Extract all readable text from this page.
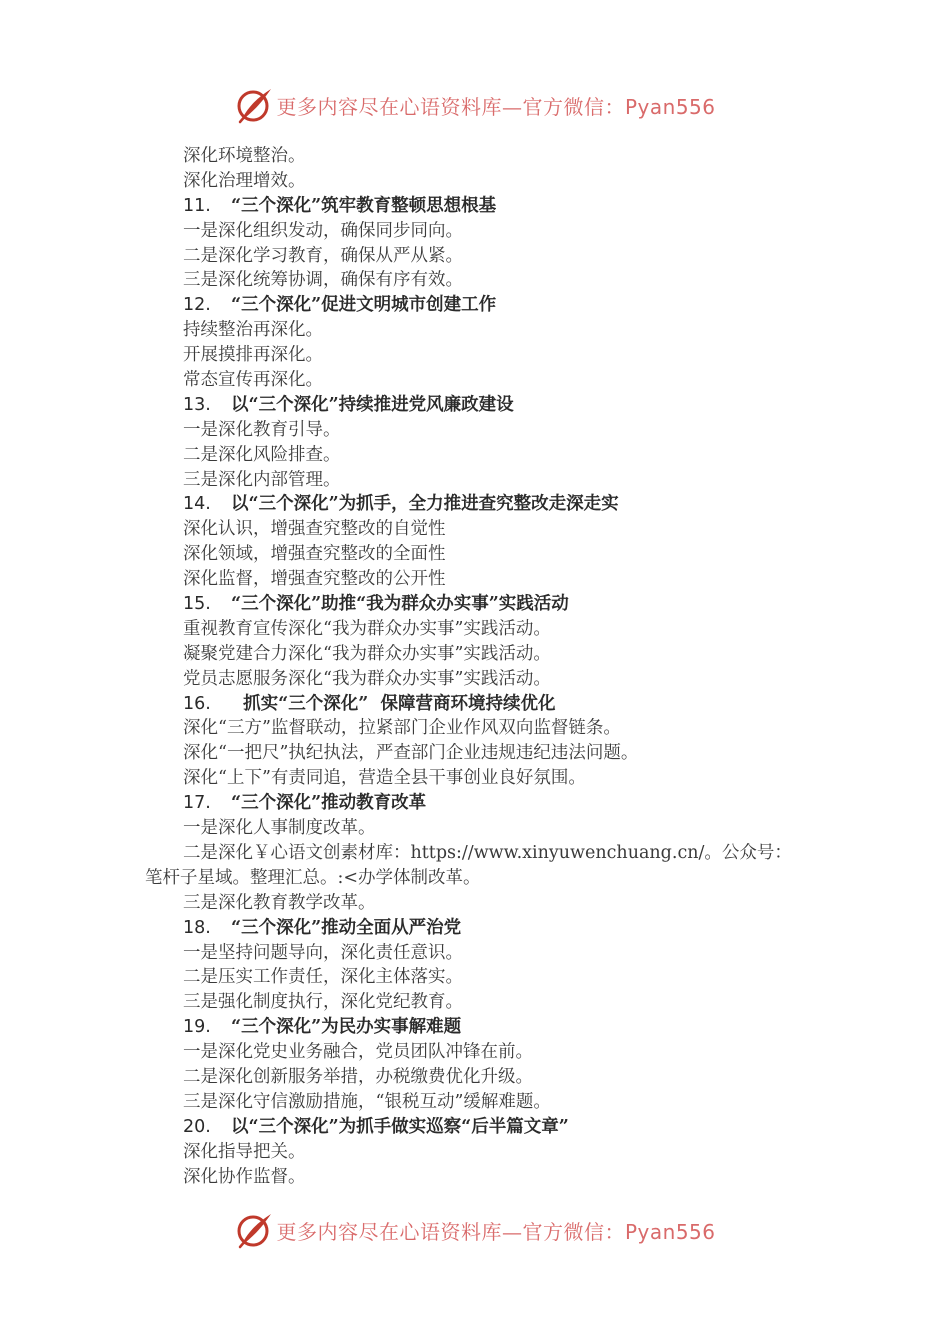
更多内容尽在心语资料库—官方微信：Pyan556
深化环境整治。
深化治理增效。
11. “三个深化”筑牢教育整顿思想根基
一是深化组织发动，确保同步同向。
二是深化学习教育，确保从严从紧。
三是深化统筹协调，确保有序有效。
12. “三个深化”促进文明城市创建工作
持续整治再深化。
开展摸排再深化。
常态宣传再深化。
13. 以“三个深化”持续推进党风廉政建设
一是深化教育引导。
二是深化风险排查。
三是深化内部管理。
14. 以“三个深化”为抓手，全力推进查究整改走深走实
深化认识，增强查究整改的自觉性
深化领域，增强查究整改的全面性
深化监督，增强查究整改的公开性
15. “三个深化”助推“我为群众办实事”实践活动
重视教育宣传深化“我为群众办实事”实践活动。
凝聚党建合力深化“我为群众办实事”实践活动。
党员志愿服务深化“我为群众办实事”实践活动。
16.  抓实“三个深化”  保障营商环境持续优化
深化“三方”监督联动，拉紧部门企业作风双向监督链条。
深化“一把尺”执纪执法，严查部门企业违规违纪违法问题。
深化“上下”有责同追，营造全县干事创业良好氛围。
17. “三个深化”推动教育改革
一是深化人事制度改革。
二是深化￥心语文创素材库：https://www.xinyuwenchuang.cn/。公众号：
笔杆子星域。整理汇总。:<办学体制改革。
三是深化教育教学改革。
18. “三个深化”推动全面从严治党
一是坚持问题导向，深化责任意识。
二是压实工作责任，深化主体落实。
三是强化制度执行，深化党纪教育。
19. “三个深化”为民办实事解难题
一是深化党史业务融合，党员团队冲锋在前。
二是深化创新服务举措，办税缴费优化升级。
三是深化守信激励措施，“银税互动”缓解难题。
20. 以“三个深化”为抓手做实巡察“后半篇文章”
深化指导把关。
深化协作监督。
更多内容尽在心语资料库—官方微信：Pyan556
